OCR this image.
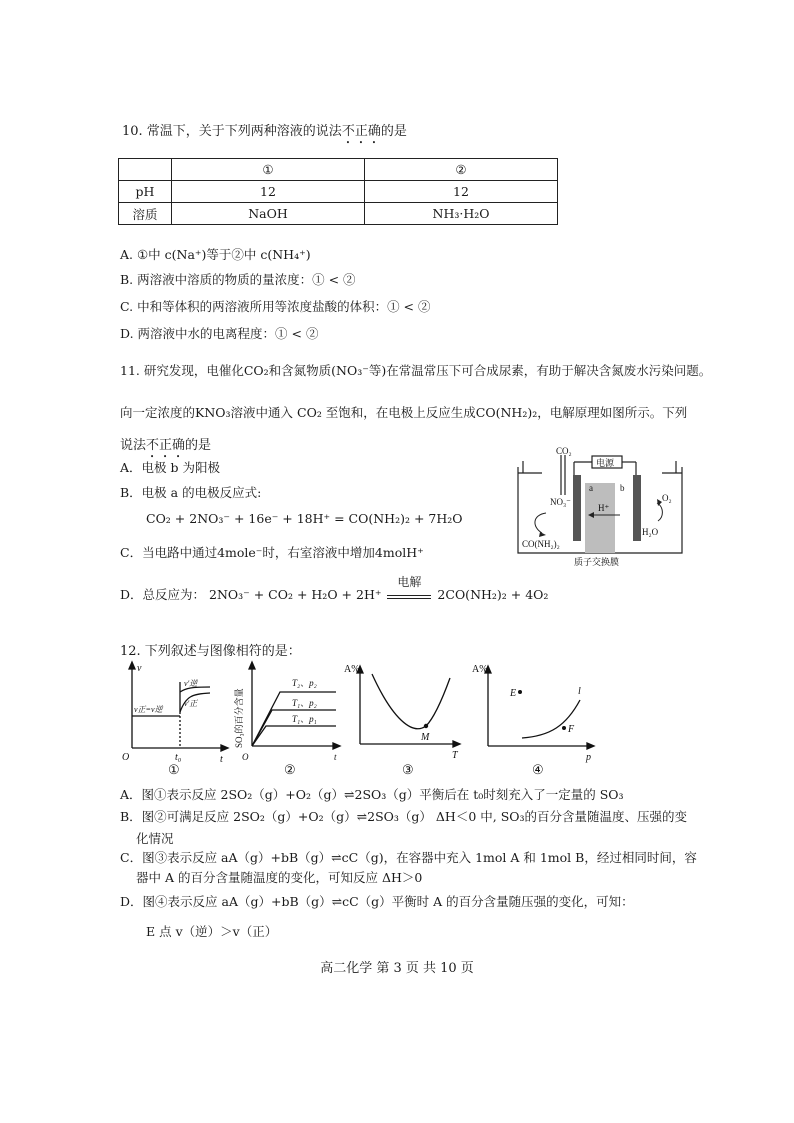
10. 常温下，关于下列两种溶液的说法不正确的是
	①	②
pH	12	12
溶质	NaOH	NH₃·H₂O
A. ①中 c(Na⁺)等于②中 c(NH₄⁺)
B. 两溶液中溶质的物质的量浓度：① < ②
C. 中和等体积的两溶液所用等浓度盐酸的体积：① < ②
D. 两溶液中水的电离程度：① < ②
11. 研究发现，电催化CO₂和含氮物质(NO₃⁻等)在常温常压下可合成尿素，有助于解决含氮废水污染问题。
向一定浓度的KNO₃溶液中通入 CO₂ 至饱和，在电极上反应生成CO(NH₂)₂，电解原理如图所示。下列
说法不正确的是
A．电极 b 为阳极
B．电极 a 的电极反应式:
CO₂ + 2NO₃⁻ + 16e⁻ + 18H⁺ = CO(NH₂)₂ + 7H₂O
C．当电路中通过4mole⁻时，右室溶液中增加4molH⁺
D．总反应为： 2NO₃⁻ + CO₂ + H₂O + 2H⁺
电解
2CO(NH₂)₂ + 4O₂
CO₂
电源
NO₃⁻
a	b
H⁺
O₂
CO(NH₂)₂
H₂O
质子交换膜
12. 下列叙述与图像相符的是：
v
t
O	t₀
v正=v逆
v'逆
v'正
①
SO₃的百分含量
t
O
T₂、p₂
T₁、p₂
T₁、p₁
②
A%
T
M
③
A%
p
E	l
F
④
A．图①表示反应 2SO₂（g）+O₂（g）⇌2SO₃（g）平衡后在 t₀时刻充入了一定量的 SO₃
B．图②可满足反应 2SO₂（g）+O₂（g）⇌2SO₃（g） ΔH＜0 中, SO₃的百分含量随温度、压强的变
化情况
C．图③表示反应 aA（g）+bB（g）⇌cC（g)，在容器中充入 1mol A 和 1mol B，经过相同时间，容
器中 A 的百分含量随温度的变化，可知反应 ΔH＞0
D．图④表示反应 aA（g）+bB（g）⇌cC（g）平衡时 A 的百分含量随压强的变化，可知：
E 点 v（逆）＞v（正）
高二化学 第 3 页 共 10 页
